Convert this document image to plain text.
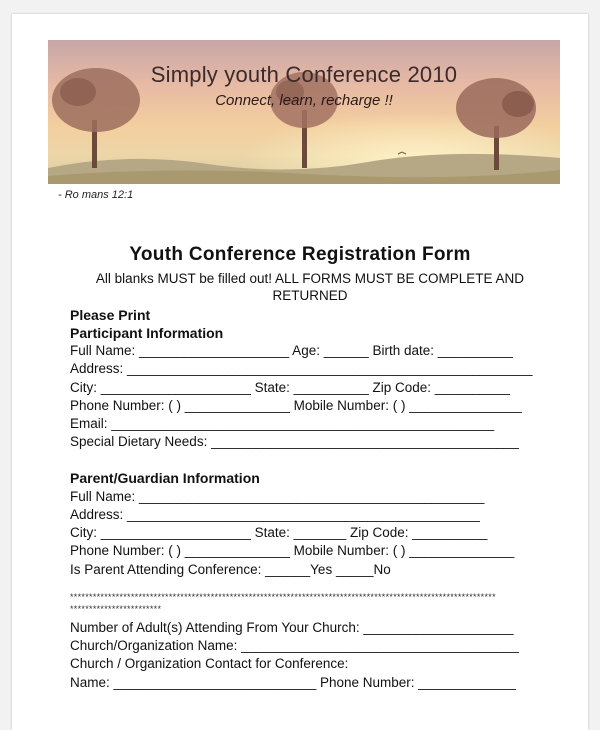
Simply youth Conference 2010
Connect, learn, recharge !!
- Ro mans 12:1
Youth Conference Registration Form
All blanks MUST be filled out! ALL FORMS MUST BE COMPLETE AND RETURNED
Please Print
Participant Information
Full Name: ____________________ Age: ______ Birth date: __________
Address: ______________________________________________________
City: ____________________ State: __________ Zip Code: __________
Phone Number: ( ) ______________ Mobile Number: ( ) _______________
Email: ___________________________________________________
Special Dietary Needs: _________________________________________
Parent/Guardian Information
Full Name: ______________________________________________
Address: _______________________________________________
City: ____________________ State: _______ Zip Code: __________
Phone Number: ( ) ______________ Mobile Number: ( ) ______________
Is Parent Attending Conference: ______Yes _____No
****************************************************************************************************************
************************
Number of Adult(s) Attending From Your Church: ____________________
Church/Organization Name: _____________________________________
Church / Organization Contact for Conference:
Name: ___________________________ Phone Number: _____________
